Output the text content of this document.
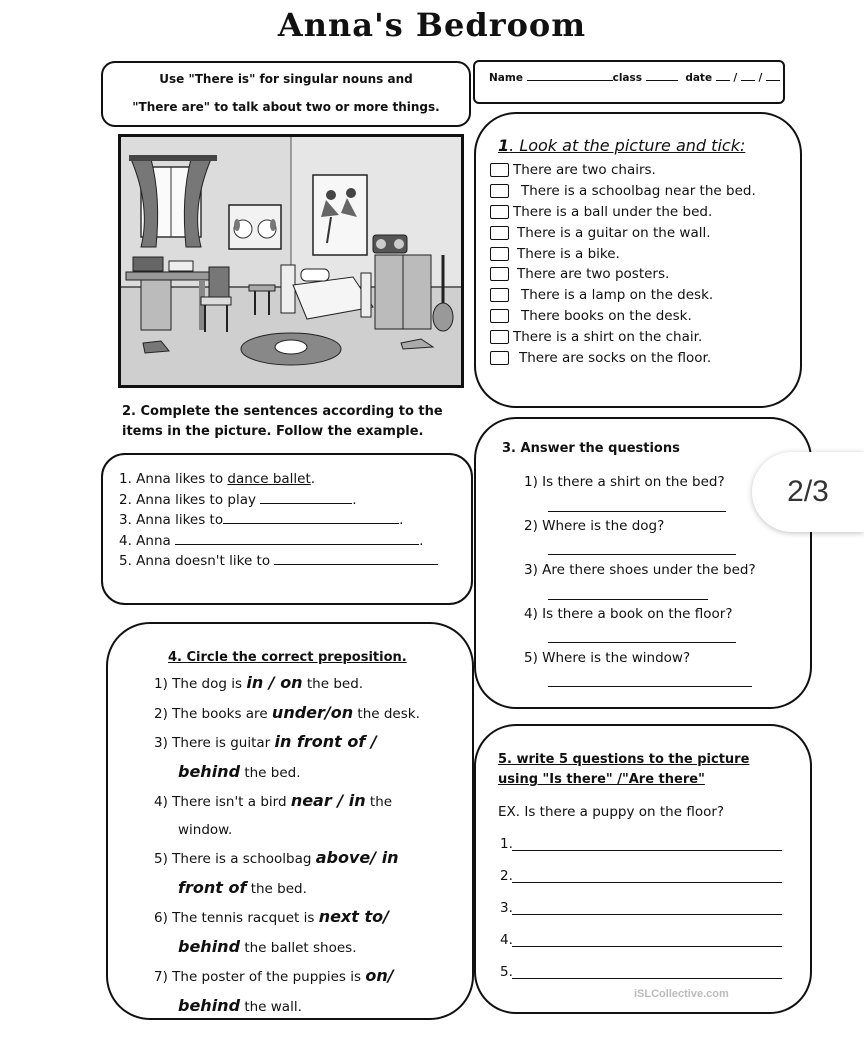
Anna's Bedroom
Use "There is" for singular nouns and
"There are" to talk about two or more things.
Name	class	date / /
1. Look at the picture and tick:
There are two chairs.
There is a schoolbag near the bed.
There is a ball under the bed.
There is a guitar on the wall.
There is a bike.
There are two posters.
There is a lamp on the desk.
There books on the desk.
There is a shirt on the chair.
There are socks on the floor.
2. Complete the sentences according to the
items in the picture. Follow the example.
1. Anna likes to dance ballet.
2. Anna likes to play	.
3. Anna likes to	.
4. Anna	.
5. Anna doesn't like to
3. Answer the questions
1) Is there a shirt on the bed?
2) Where is the dog?
3) Are there shoes under the bed?
4) Is there a book on the floor?
5) Where is the window?
4. Circle the correct preposition.
1) The dog is in / on the bed.
2) The books are under/on the desk.
3) There is guitar in front of /
behind the bed.
4) There isn't a bird near / in the
window.
5) There is a schoolbag above/ in
front of the bed.
6) The tennis racquet is next to/
behind the ballet shoes.
7) The poster of the puppies is on/
behind the wall.
5. write 5 questions to the picture
using "Is there" /"Are there"
EX. Is there a puppy on the floor?
1.
2.
3.
4.
5.
iSLCollective.com
2/3
